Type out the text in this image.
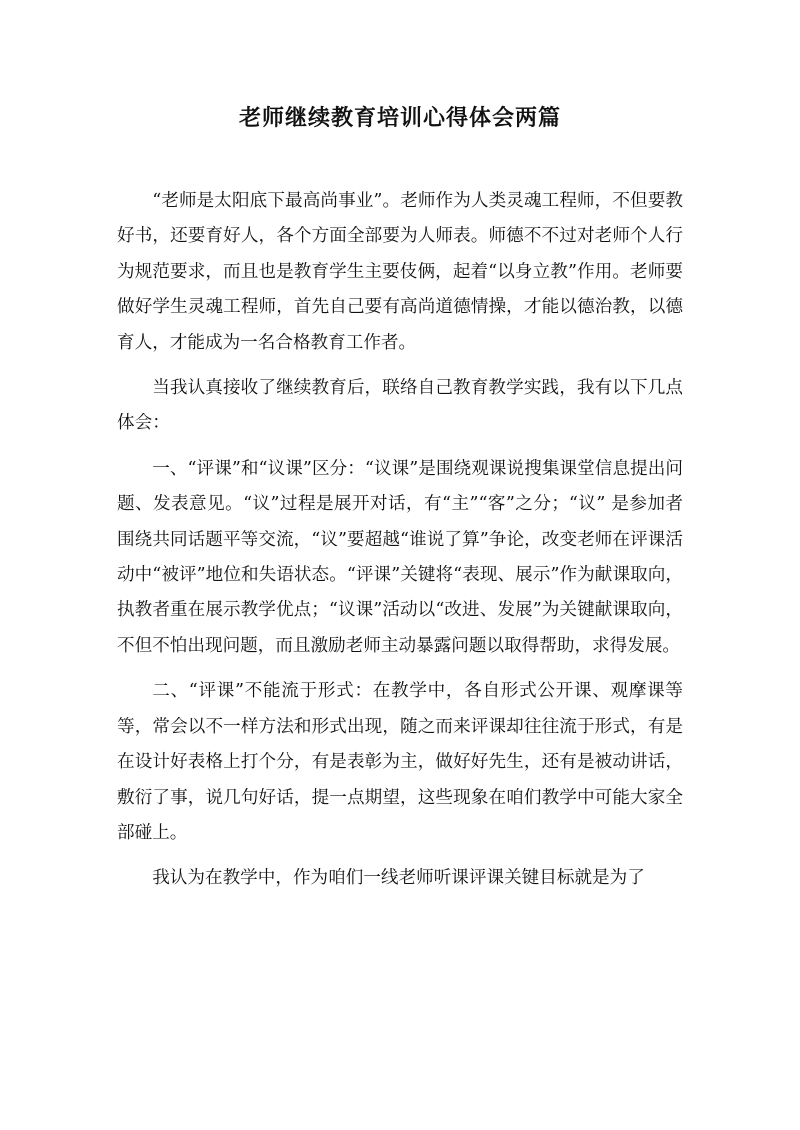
老师继续教育培训心得体会两篇

“老师是太阳底下最高尚事业”。老师作为人类灵魂工程师，不但要教好书，还要育好人，各个方面全部要为人师表。师德不不过对老师个人行为规范要求，而且也是教育学生主要伎俩，起着“以身立教”作用。老师要做好学生灵魂工程师，首先自己要有高尚道德情操，才能以德治教，以德育人，才能成为一名合格教育工作者。

当我认真接收了继续教育后，联络自己教育教学实践，我有以下几点体会：

一、“评课”和“议课”区分：“议课”是围绕观课说搜集课堂信息提出问题、发表意见。“议”过程是展开对话，有“主”“客”之分；“议” 是参加者围绕共同话题平等交流，“议”要超越“谁说了算”争论，改变老师在评课活动中“被评”地位和失语状态。“评课”关键将“表现、展示”作为献课取向，执教者重在展示教学优点；“议课”活动以“改进、发展”为关键献课取向，不但不怕出现问题，而且激励老师主动暴露问题以取得帮助，求得发展。

二、“评课”不能流于形式：在教学中，各自形式公开课、观摩课等等，常会以不一样方法和形式出现，随之而来评课却往往流于形式，有是在设计好表格上打个分，有是表彰为主，做好好先生，还有是被动讲话，敷衍了事，说几句好话，提一点期望，这些现象在咱们教学中可能大家全部碰上。

我认为在教学中，作为咱们一线老师听课评课关键目标就是为了
